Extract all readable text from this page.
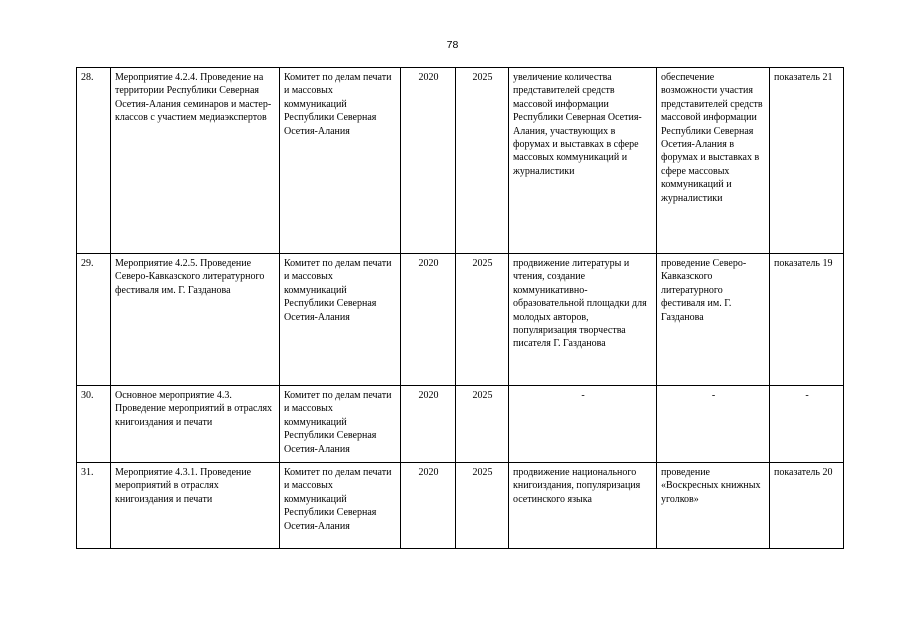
78
28.	Мероприятие 4.2.4. Проведение на территории Республики Северная Осетия-Алания семинаров и мастер-классов с участием медиаэкспертов	Комитет по делам печати и массовых коммуникаций Республики Северная Осетия-Алания	2020	2025	увеличение количества представителей средств массовой информации Республики Северная Осетия-Алания, участвующих в форумах и выставках в сфере массовых коммуникаций и журналистики	обеспечение возможности участия представителей средств массовой информации Республики Северная Осетия-Алания в форумах и выставках в сфере массовых коммуникаций и журналистики	показатель 21
29.	Мероприятие 4.2.5. Проведение Северо-Кавказского литературного фестиваля им. Г. Газданова	Комитет по делам печати и массовых коммуникаций Республики Северная Осетия-Алания	2020	2025	продвижение литературы и чтения, создание коммуникативно-образовательной площадки для молодых авторов, популяризация творчества писателя Г. Газданова	проведение Северо-Кавказского литературного фестиваля им. Г. Газданова	показатель 19
30.	Основное мероприятие 4.3. Проведение мероприятий в отраслях книгоиздания и печати	Комитет по делам печати и массовых коммуникаций Республики Северная Осетия-Алания	2020	2025	-	-	-
31.	Мероприятие 4.3.1. Проведение мероприятий в отраслях книгоиздания и печати	Комитет по делам печати и массовых коммуникаций Республики Северная Осетия-Алания	2020	2025	продвижение национального книгоиздания, популяризация осетинского языка	проведение «Воскресных книжных уголков»	показатель 20
